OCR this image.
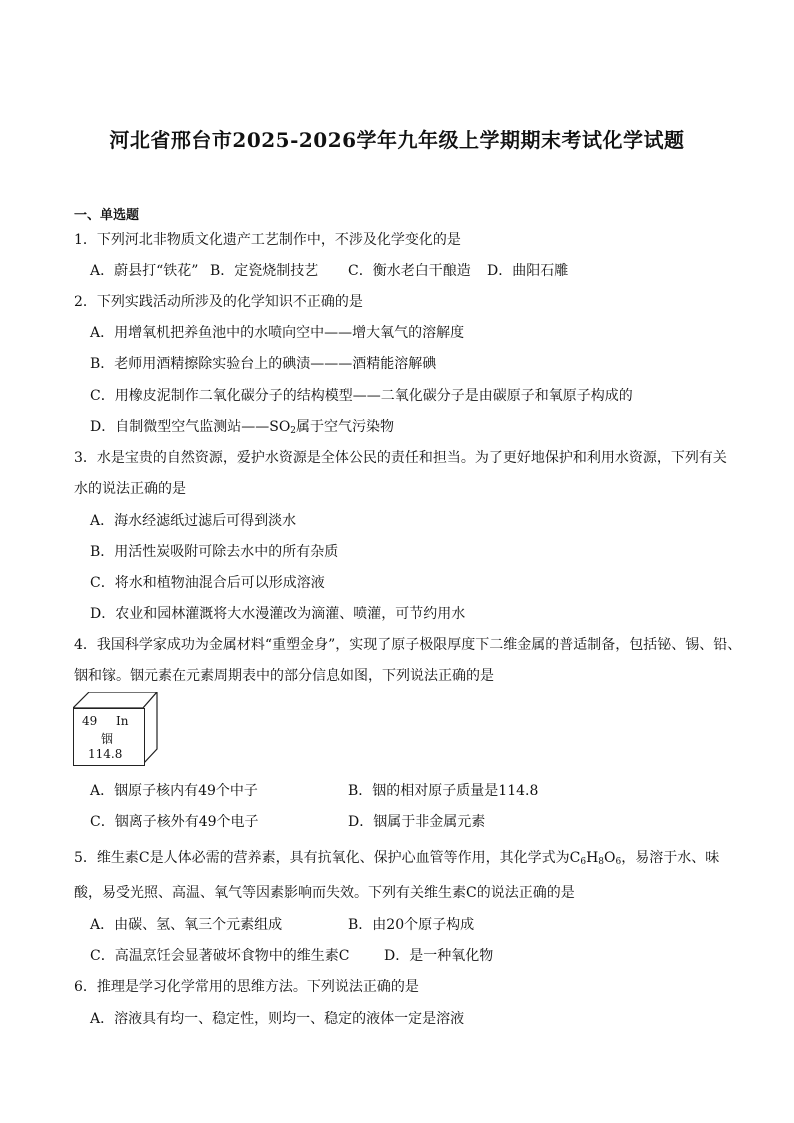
河北省邢台市2025-2026学年九年级上学期期末考试化学试题
一、单选题
1．下列河北非物质文化遗产工艺制作中，不涉及化学变化的是
A．蔚县打“铁花” B．定瓷烧制技艺 C．衡水老白干酿造 D．曲阳石雕
2．下列实践活动所涉及的化学知识不正确的是
A．用增氧机把养鱼池中的水喷向空中——增大氧气的溶解度
B．老师用酒精擦除实验台上的碘渍———酒精能溶解碘
C．用橡皮泥制作二氧化碳分子的结构模型——二氧化碳分子是由碳原子和氧原子构成的
D．自制微型空气监测站$——SO_2$属于空气污染物
3．水是宝贵的自然资源，爱护水资源是全体公民的责任和担当。为了更好地保护和利用水资源，下列有关
水的说法正确的是
A．海水经滤纸过滤后可得到淡水
B．用活性炭吸附可除去水中的所有杂质
C．将水和植物油混合后可以形成溶液
D．农业和园林灌溉将大水漫灌改为滴灌、喷灌，可节约用水
4．我国科学家成功为金属材料“重塑金身”，实现了原子极限厚度下二维金属的普适制备，包括铋、锡、铅、
铟和镓。铟元素在元素周期表中的部分信息如图，下列说法正确的是
49 In
铟
114.8
A．铟原子核内有49个中子	B．铟的相对原子质量是114.8
C．铟离子核外有49个电子	D．铟属于非金属元素
5．维生素C是人体必需的营养素，具有抗氧化、保护心血管等作用，其化学式为$C_6H_8O_6$，易溶于水、味
酸，易受光照、高温、氧气等因素影响而失效。下列有关维生素C的说法正确的是
A．由碳、氢、氧三个元素组成	B．由20个原子构成
C．高温烹饪会显著破坏食物中的维生素C D．是一种氧化物
6．推理是学习化学常用的思维方法。下列说法正确的是
A．溶液具有均一、稳定性，则均一、稳定的液体一定是溶液
